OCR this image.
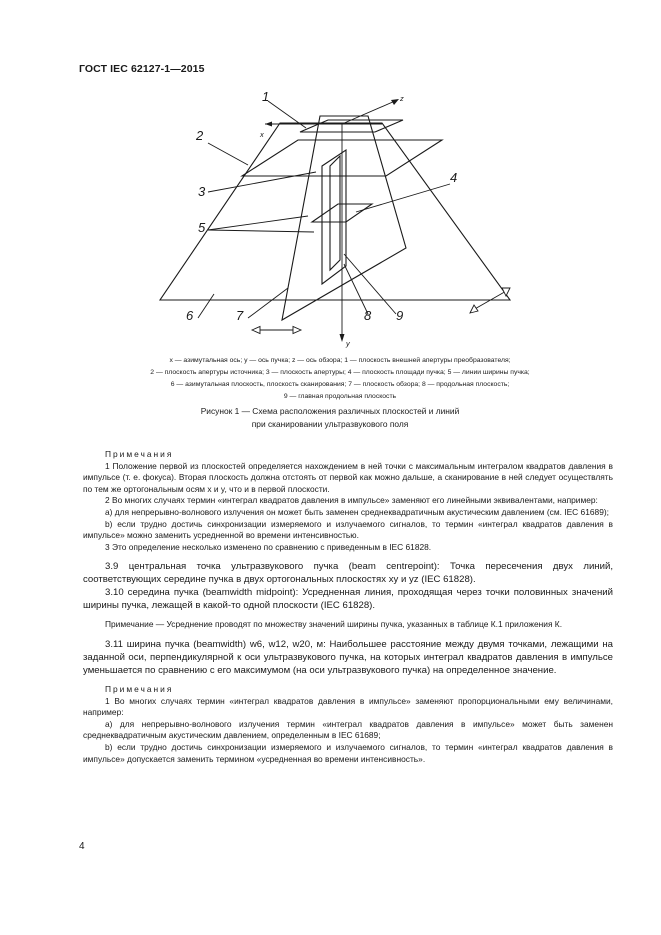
ГОСТ IEC 62127-1—2015
1
2
3
4
5
6	7	8 9
x
z
y
x — азимутальная ось; y — ось пучка; z — ось обзора; 1 — плоскость внешней апертуры преобразователя;
2 — плоскость апертуры источника; 3 — плоскость апертуры; 4 — плоскость площади пучка; 5 — линии ширины пучка;
6 — азимутальная плоскость, плоскость сканирования; 7 — плоскость обзора; 8 — продольная плоскость;
9 — главная продольная плоскость
Рисунок 1 — Схема расположения различных плоскостей и линий
при сканировании ультразвукового поля

Примечания

1 Положение первой из плоскостей определяется нахождением в ней точки с максимальным интегралом квадратов давления в импульсе (т. е. фокуса). Вторая плоскость должна отстоять от первой как можно дальше, а сканирование в ней следует осуществлять по тем же ортогональным осям x и y, что и в первой плоскости.

2 Во многих случаях термин «интеграл квадратов давления в импульсе» заменяют его линейными эквивалентами, например:

a) для непрерывно-волнового излучения он может быть заменен среднеквадратичным акустическим давлением (см. IEC 61689);

b) если трудно достичь синхронизации измеряемого и излучаемого сигналов, то термин «интеграл квадратов давления в импульсе» можно заменить усредненной во времени интенсивностью.

3 Это определение несколько изменено по сравнению с приведенным в IEC 61828.

3.9 центральная точка ультразвукового пучка (beam centrepoint): Точка пересечения двух линий, соответствующих середине пучка в двух ортогональных плоскостях xy и yz (IEC 61828).

3.10 середина пучка (beamwidth midpoint): Усредненная линия, проходящая через точки половинных значений ширины пучка, лежащей в какой-то одной плоскости (IEC 61828).

Примечание — Усреднение проводят по множеству значений ширины пучка, указанных в таблице К.1 приложения К.

3.11 ширина пучка (beamwidth) w6, w12, w20, м: Наибольшее расстояние между двумя точками, лежащими на заданной оси, перпендикулярной к оси ультразвукового пучка, на которых интеграл квадратов давления в импульсе уменьшается по сравнению с его максимумом (на оси ультразвукового пучка) на определенное значение.

Примечания

1 Во многих случаях термин «интеграл квадратов давления в импульсе» заменяют пропорциональными ему величинами, например:

a) для непрерывно-волнового излучения термин «интеграл квадратов давления в импульсе» может быть заменен среднеквадратичным акустическим давлением, определенным в IEC 61689;

b) если трудно достичь синхронизации измеряемого и излучаемого сигналов, то термин «интеграл квадратов давления в импульсе» допускается заменить термином «усредненная во времени интенсивность».

4
